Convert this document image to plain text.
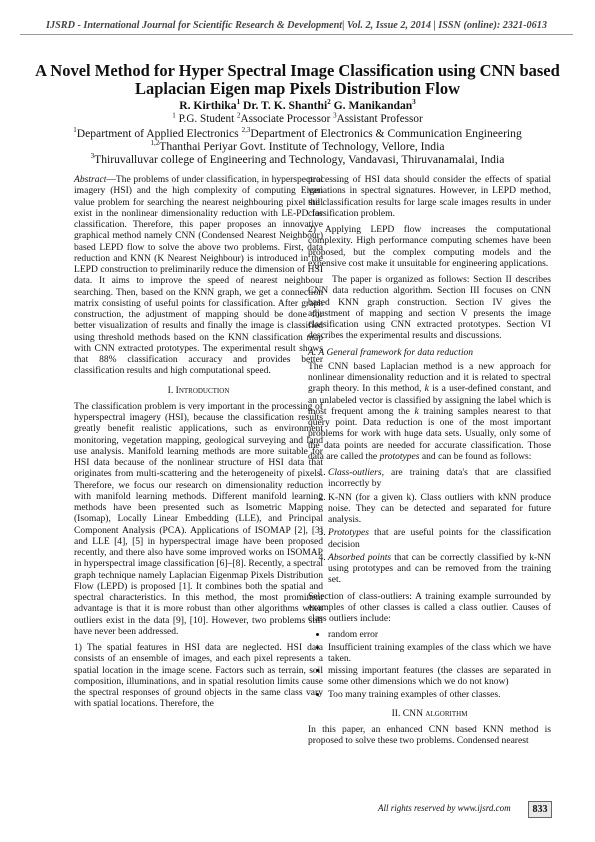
IJSRD - International Journal for Scientific Research & Development| Vol. 2, Issue 2, 2014 | ISSN (online): 2321-0613
A Novel Method for Hyper Spectral Image Classification using CNN based Laplacian Eigen map Pixels Distribution Flow
R. Kirthika$^1$ Dr. T. K. Shanthi$^2$ G. Manikandan$^3$
$^1$ P.G. Student $^2$Associate Processor $^3$Assistant Professor
$^1$Department of Applied Electronics $^{2,3}$Department of Electronics & Communication Engineering
$^{1,2}$Thanthai Periyar Govt. Institute of Technology, Vellore, India
$^3$Thiruvalluvar college of Engineering and Technology, Vandavasi, Thiruvanamalai, India

Abstract—The problems of under classification, in hyperspectral imagery (HSI) and the high complexity of computing Eigen value problem for searching the nearest neighbouring pixel still exist in the nonlinear dimensionality reduction with LE-PD for classification. Therefore, this paper proposes an innovative graphical method namely CNN (Condensed Nearest Neighbour) based LEPD flow to solve the above two problems. First, data reduction and KNN (K Nearest Neighbour) is introduced in the LEPD construction to preliminarily reduce the dimension of HSI data. It aims to improve the speed of nearest neighbour searching. Then, based on the KNN graph, we get a connection matrix consisting of useful points for classification. After graph construction, the adjustment of mapping should be done for better visualization of results and finally the image is classified using threshold methods based on the KNN classification map with CNN extracted prototypes. The experimental result shows that 88% classification accuracy and provides better classification results and high computational speed.

I. Introduction

The classification problem is very important in the processing of hyperspectral imagery (HSI), because the classification results greatly benefit realistic applications, such as environment monitoring, vegetation mapping, geological surveying and land use analysis. Manifold learning methods are more suitable for HSI data because of the nonlinear structure of HSI data that originates from multi-scattering and the heterogeneity of pixels. Therefore, we focus our research on dimensionality reduction with manifold learning methods. Different manifold learning methods have been presented such as Isometric Mapping (Isomap), Locally Linear Embedding (LLE), and Principal Component Analysis (PCA). Applications of ISOMAP [2], [3] and LLE [4], [5] in hyperspectral image have been proposed recently, and there also have some improved works on ISOMAP in hyperspectral image classification [6]–[8]. Recently, a spectral graph technique namely Laplacian Eigenmap Pixels Distribution Flow (LEPD) is proposed [1]. It combines both the spatial and spectral characteristics. In this method, the most prominent advantage is that it is more robust than other algorithms when outliers exist in the data [9], [10]. However, two problems still have never been addressed.

1) The spatial features in HSI data are neglected. HSI data consists of an ensemble of images, and each pixel represents a spatial location in the image scene. Factors such as terrain, soil composition, illuminations, and in spatial resolution limits cause the spectral responses of ground objects in the same class vary with spatial locations. Therefore, the

processing of HSI data should consider the effects of spatial variations in spectral signatures. However, in LEPD method, the classification results for large scale images results in under classification problem.

2) Applying LEPD flow increases the computational complexity. High performance computing schemes have been proposed, but the complex computing models and the expensive cost make it unsuitable for engineering applications.

The paper is organized as follows: Section II describes CNN data reduction algorithm. Section III focuses on CNN based KNN graph construction. Section IV gives the adjustment of mapping and section V presents the image classification using CNN extracted prototypes. Section VI describes the experimental results and discussions.

A. A General framework for data reduction

The CNN based Laplacian method is a new approach for nonlinear dimensionality reduction and it is related to spectral graph theory. In this method, k is a user-defined constant, and an unlabeled vector is classified by assigning the label which is most frequent among the k training samples nearest to that query point. Data reduction is one of the most important problems for work with huge data sets. Usually, only some of the data points are needed for accurate classification. Those data are called the prototypes and can be found as follows:

1. Class-outliers, are training data's that are classified incorrectly by
2. K-NN (for a given k). Class outliers with kNN produce noise. They can be detected and separated for future analysis.
3. Prototypes that are useful points for the classification decision
4. Absorbed points that can be correctly classified by k-NN using prototypes and can be removed from the training set.

Selection of class-outliers: A training example surrounded by examples of other classes is called a class outlier. Causes of class outliers include:

• random error
• Insufficient training examples of the class which we have taken.
• missing important features (the classes are separated in some other dimensions which we do not know)
• Too many training examples of other classes.
II. CNN algorithm

In this paper, an enhanced CNN based KNN method is proposed to solve these two problems. Condensed nearest

All rights reserved by www.ijsrd.com	833
